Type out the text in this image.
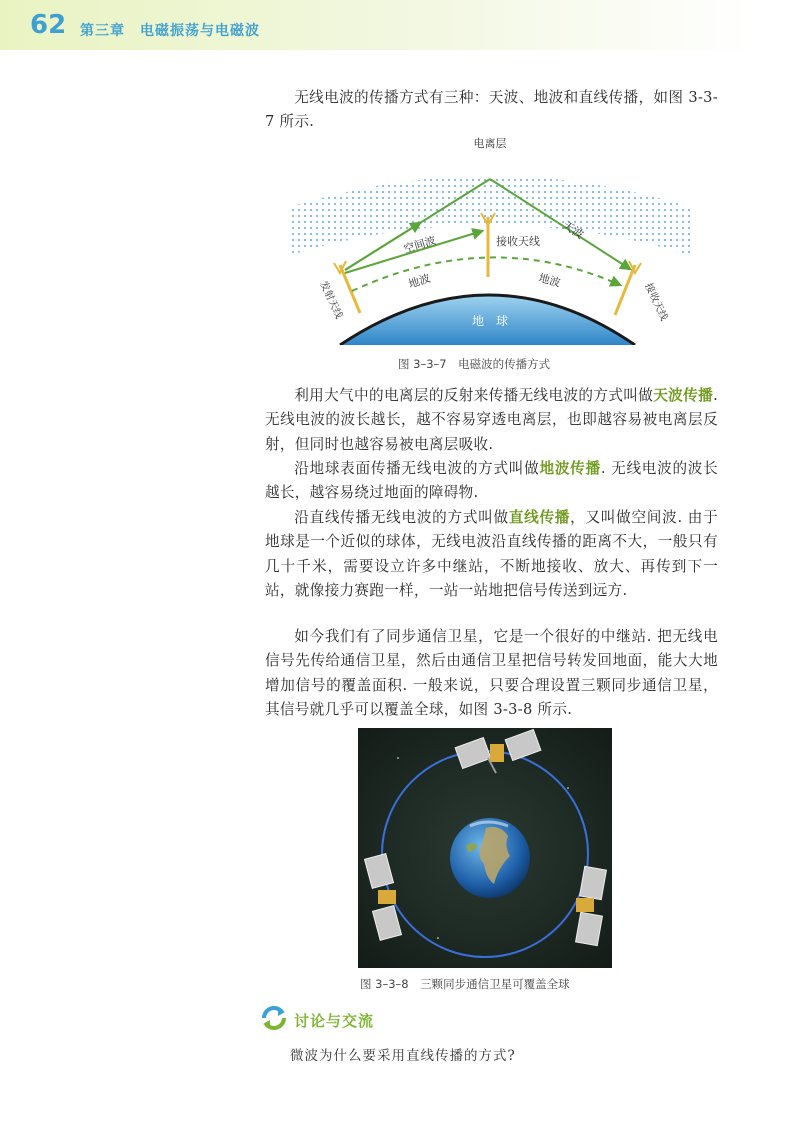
62 第三章　电磁振荡与电磁波

无线电波的传播方式有三种：天波、地波和直线传播，如图 3-3-7 所示.

电离层
地　球
发射天线
接收天线
接收天线
天波
空间波
地波	地波
图 3–3–7　电磁波的传播方式

利用大气中的电离层的反射来传播无线电波的方式叫做天波传播. 无线电波的波长越长，越不容易穿透电离层，也即越容易被电离层反射，但同时也越容易被电离层吸收.

沿地球表面传播无线电波的方式叫做地波传播. 无线电波的波长越长，越容易绕过地面的障碍物.

沿直线传播无线电波的方式叫做直线传播，又叫做空间波. 由于地球是一个近似的球体，无线电波沿直线传播的距离不大，一般只有几十千米，需要设立许多中继站，不断地接收、放大、再传到下一站，就像接力赛跑一样，一站一站地把信号传送到远方.

如今我们有了同步通信卫星，它是一个很好的中继站. 把无线电信号先传给通信卫星，然后由通信卫星把信号转发回地面，能大大地增加信号的覆盖面积. 一般来说，只要合理设置三颗同步通信卫星，其信号就几乎可以覆盖全球，如图 3-3-8 所示.

图 3–3–8　三颗同步通信卫星可覆盖全球
讨论与交流
微波为什么要采用直线传播的方式?
